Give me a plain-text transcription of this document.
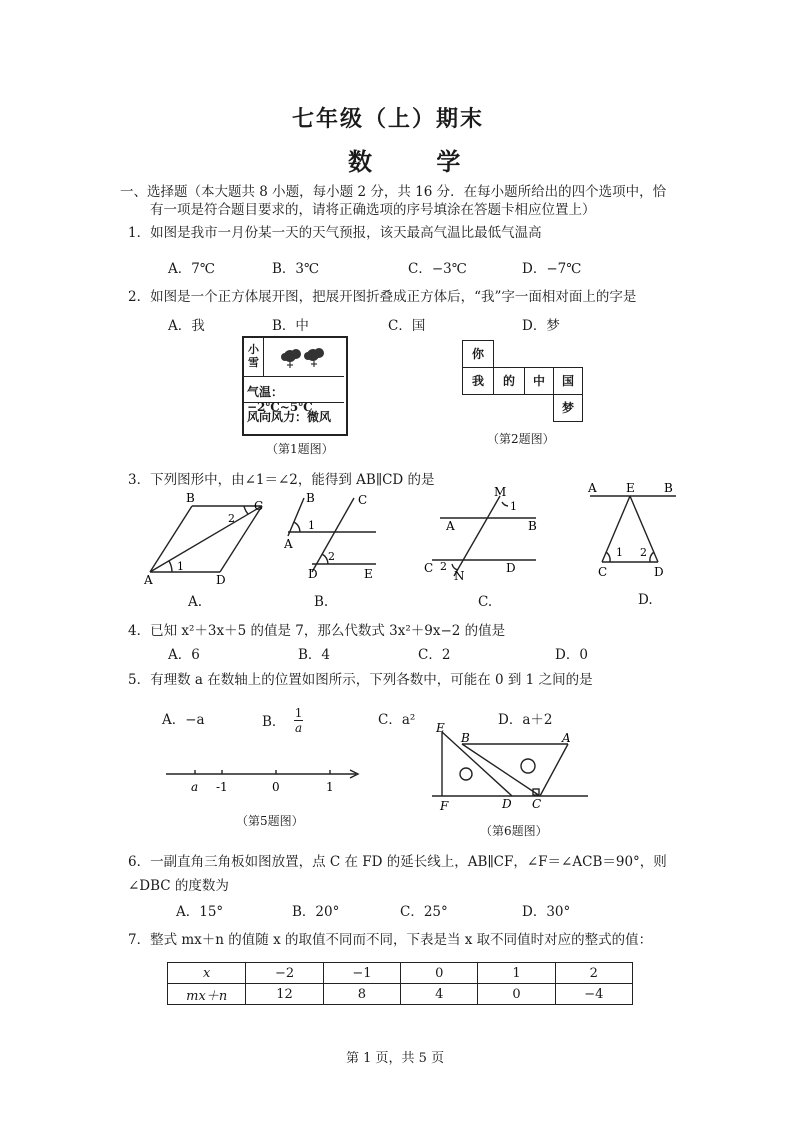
七年级（上）期末
数 学
一、选择题（本大题共 8 小题，每小题 2 分，共 16 分．在每小题所给出的四个选项中，恰
有一项是符合题目要求的，请将正确选项的序号填涂在答题卡相应位置上）
1．如图是我市一月份某一天的天气预报，该天最高气温比最低气温高
A．7℃	B．3℃	C．−3℃	D．−7℃
2．如图是一个正方体展开图，把展开图折叠成正方体后，“我”字一面相对面上的字是
A．我	B．中	C．国	D．梦
小雪
气温：−2℃~5℃
风向风力：微风
（第1题图）
你
我	的	中	国
梦
（第2题图）
3．下列图形中，由∠1＝∠2，能得到 AB∥CD 的是
B
C
2
1
A	D
A.
B	C
1
A
2
D	E
B.
M
1
A	B
C 2
N
D
C.
A E B
1 2
C	D
D.
4．已知 x²＋3x＋5 的值是 7，那么代数式 3x²＋9x−2 的值是
A．6	B．4	C．2	D．0
5．有理数 a 在数轴上的位置如图所示，下列各数中，可能在 0 到 1 之间的是
A．−a	B． $\frac{1}{a}$	C．a²	D．a＋2
a -1	0	1
（第5题图）
E
B	A
F	D C
（第6题图）
6．一副直角三角板如图放置，点 C 在 FD 的延长线上，AB∥CF，∠F＝∠ACB＝90°，则
∠DBC 的度数为
A．15°	B．20°	C．25°	D．30°
7．整式 mx＋n 的值随 x 的取值不同而不同，下表是当 x 取不同值时对应的整式的值：
x	−2	−1	0	1	2
mx＋n	12	8	4	0	−4
第 1 页，共 5 页
